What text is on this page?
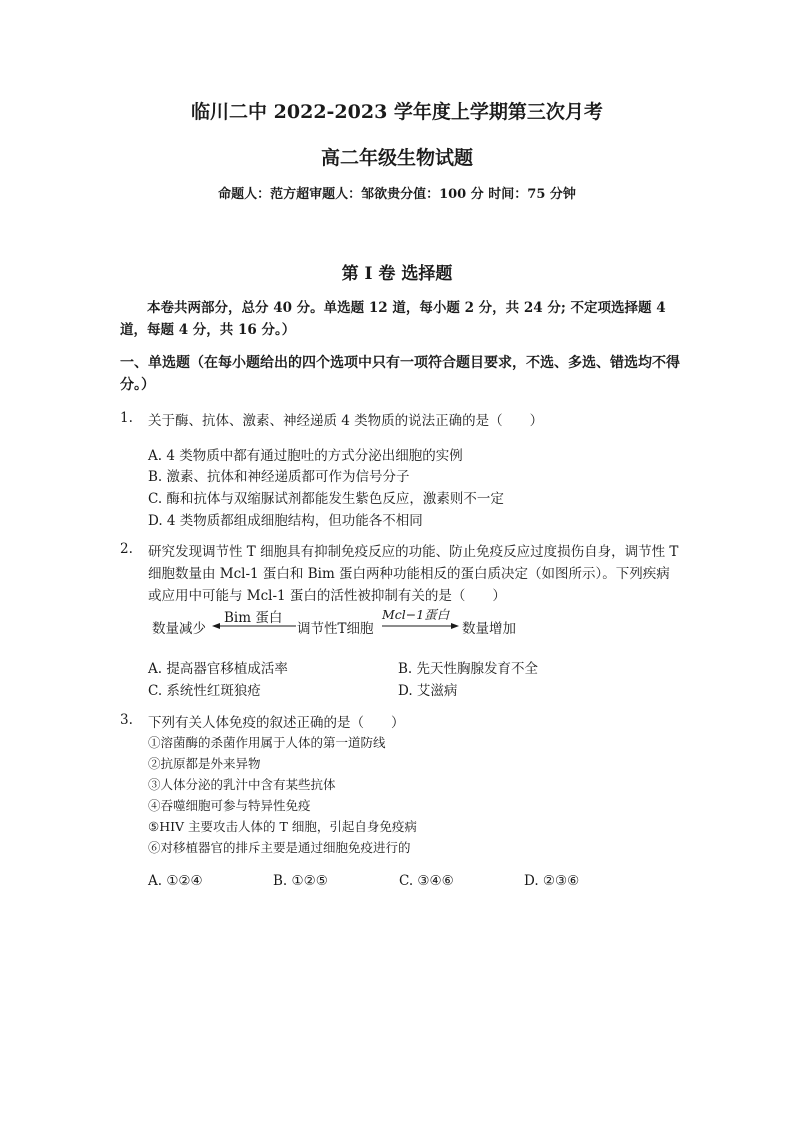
临川二中 2022-2023 学年度上学期第三次月考
高二年级生物试题
命题人：范方超审题人：邹欲贵分值：100 分 时间：75 分钟
第 I 卷 选择题

本卷共两部分，总分 40 分。单选题 12 道，每小题 2 分，共 24 分; 不定项选择题 4 道，每题 4 分，共 16 分。）

一、单选题（在每小题给出的四个选项中只有一项符合题目要求，不选、多选、错选均不得分。）

1. 关于酶、抗体、激素、神经递质 4 类物质的说法正确的是（　　）

A. 4 类物质中都有通过胞吐的方式分泌出细胞的实例
B. 激素、抗体和神经递质都可作为信号分子
C. 酶和抗体与双缩脲试剂都能发生紫色反应，激素则不一定
D. 4 类物质都组成细胞结构，但功能各不相同
2. 研究发现调节性 T 细胞具有抑制免疫反应的功能、防止免疫反应过度损伤自身，调节性 T 细胞数量由 Mcl-1 蛋白和 Bim 蛋白两种功能相反的蛋白质决定（如图所示）。下列疾病或应用中可能与 Mcl-1 蛋白的活性被抑制有关的是（　　）

数量减少
Bim 蛋白
调节性T细胞
Mcl−1蛋白
数量增加
A. 提高器官移植成活率	B. 先天性胸腺发育不全
C. 系统性红斑狼疮	D. 艾滋病
3. 下列有关人体免疫的叙述正确的是（　　）

①溶菌酶的杀菌作用属于人体的第一道防线
②抗原都是外来异物
③人体分泌的乳汁中含有某些抗体
④吞噬细胞可参与特异性免疫
⑤HIV 主要攻击人体的 T 细胞，引起自身免疫病
⑥对移植器官的排斥主要是通过细胞免疫进行的
A. ①②④	B. ①②⑤	C. ③④⑥	D. ②③⑥
